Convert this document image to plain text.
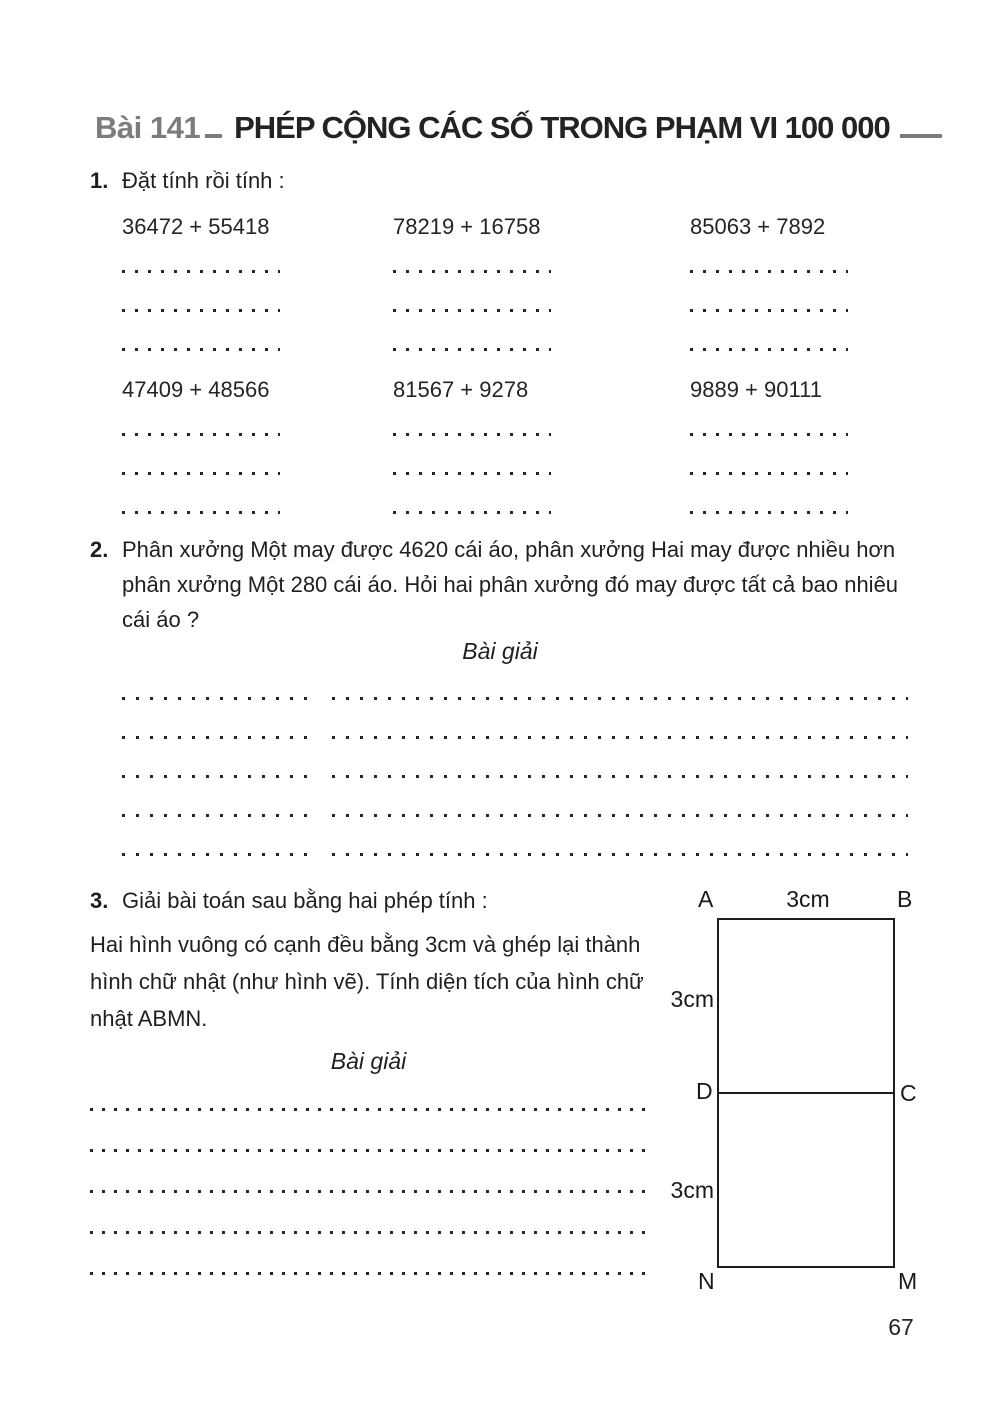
Bài 141 PHÉP CỘNG CÁC SỐ TRONG PHẠM VI 100 000
1. Đặt tính rồi tính :
36472 + 55418	78219 + 16758	85063 + 7892
47409 + 48566	81567 + 9278	9889 + 90111
2. Phân xưởng Một may được 4620 cái áo, phân xưởng Hai may được nhiều hơn
phân xưởng Một 280 cái áo. Hỏi hai phân xưởng đó may được tất cả bao nhiêu
cái áo ?
Bài giải
3. Giải bài toán sau bằng hai phép tính :
Hai hình vuông có cạnh đều bằng 3cm và ghép lại thành
hình chữ nhật (như hình vẽ). Tính diện tích của hình chữ
nhật ABMN.
Bài giải
A	3cm	B
3cm
D	C
3cm
N	M
67
